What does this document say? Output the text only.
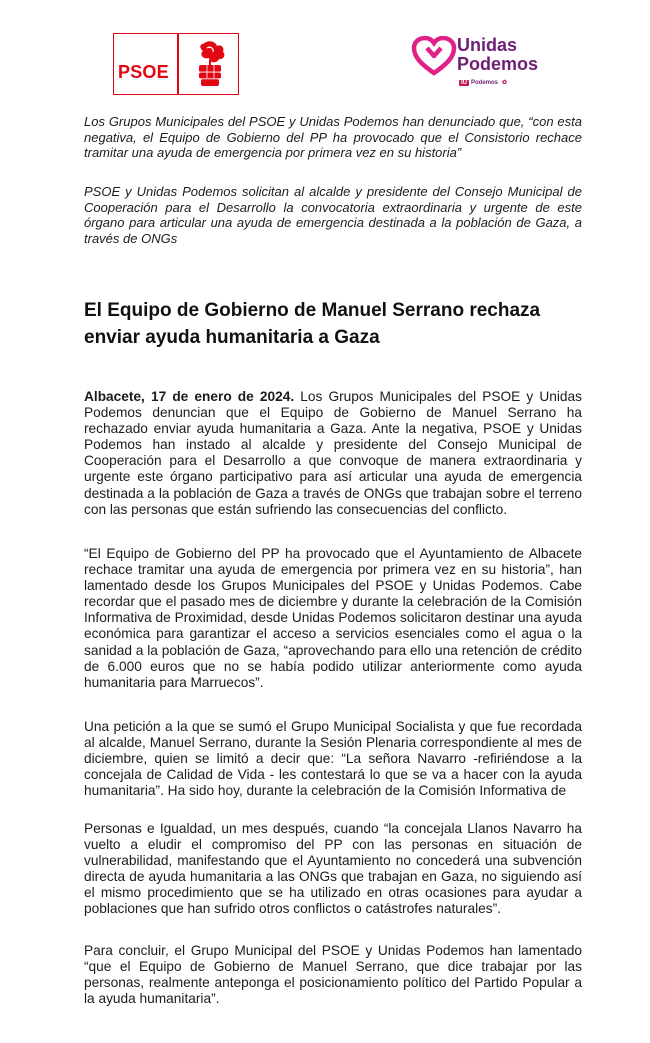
PSOE
Unidas
Podemos
IU Podemos ✿

Los Grupos Municipales del PSOE y Unidas Podemos han denunciado que, “con esta negativa, el Equipo de Gobierno del PP ha provocado que el Consistorio rechace tramitar una ayuda de emergencia por primera vez en su historia”

PSOE y Unidas Podemos solicitan al alcalde y presidente del Consejo Municipal de Cooperación para el Desarrollo la convocatoria extraordinaria y urgente de este órgano para articular una ayuda de emergencia destinada a la población de Gaza, a través de ONGs

El Equipo de Gobierno de Manuel Serrano rechaza enviar ayuda humanitaria a Gaza

Albacete, 17 de enero de 2024. Los Grupos Municipales del PSOE y Unidas Podemos denuncian que el Equipo de Gobierno de Manuel Serrano ha rechazado enviar ayuda humanitaria a Gaza. Ante la negativa, PSOE y Unidas Podemos han instado al alcalde y presidente del Consejo Municipal de Cooperación para el Desarrollo a que convoque de manera extraordinaria y urgente este órgano participativo para así articular una ayuda de emergencia destinada a la población de Gaza a través de ONGs que trabajan sobre el terreno con las personas que están sufriendo las consecuencias del conflicto.

“El Equipo de Gobierno del PP ha provocado que el Ayuntamiento de Albacete rechace tramitar una ayuda de emergencia por primera vez en su historia”, han lamentado desde los Grupos Municipales del PSOE y Unidas Podemos. Cabe recordar que el pasado mes de diciembre y durante la celebración de la Comisión Informativa de Proximidad, desde Unidas Podemos solicitaron destinar una ayuda económica para garantizar el acceso a servicios esenciales como el agua o la sanidad a la población de Gaza, “aprovechando para ello una retención de crédito de 6.000 euros que no se había podido utilizar anteriormente como ayuda humanitaria para Marruecos”.

Una petición a la que se sumó el Grupo Municipal Socialista y que fue recordada al alcalde, Manuel Serrano, durante la Sesión Plenaria correspondiente al mes de diciembre, quien se limitó a decir que: “La señora Navarro -refiriéndose a la concejala de Calidad de Vida - les contestará lo que se va a hacer con la ayuda humanitaria”. Ha sido hoy, durante la celebración de la Comisión Informativa de

Personas e Igualdad, un mes después, cuando “la concejala Llanos Navarro ha vuelto a eludir el compromiso del PP con las personas en situación de vulnerabilidad, manifestando que el Ayuntamiento no concederá una subvención directa de ayuda humanitaria a las ONGs que trabajan en Gaza, no siguiendo así el mismo procedimiento que se ha utilizado en otras ocasiones para ayudar a poblaciones que han sufrido otros conflictos o catástrofes naturales”.

Para concluir, el Grupo Municipal del PSOE y Unidas Podemos han lamentado “que el Equipo de Gobierno de Manuel Serrano, que dice trabajar por las personas, realmente anteponga el posicionamiento político del Partido Popular a la ayuda humanitaria”.
